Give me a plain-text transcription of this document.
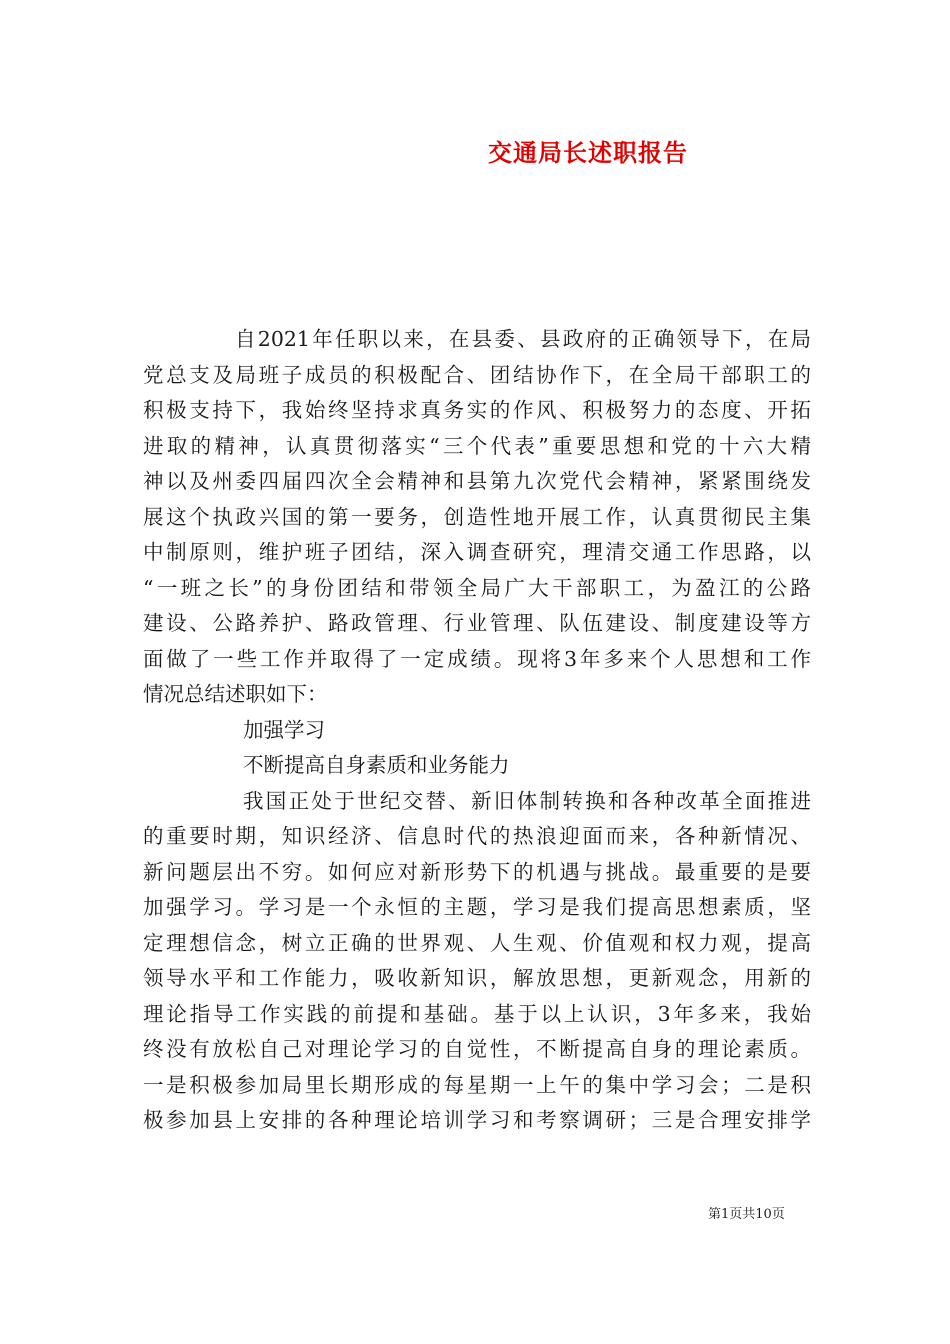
交通局长述职报告
自2021年任职以来，在县委、县政府的正确领导下，在局
党总支及局班子成员的积极配合、团结协作下，在全局干部职工的
积极支持下，我始终坚持求真务实的作风、积极努力的态度、开拓
进取的精神，认真贯彻落实“三个代表”重要思想和党的十六大精
神以及州委四届四次全会精神和县第九次党代会精神，紧紧围绕发
展这个执政兴国的第一要务，创造性地开展工作，认真贯彻民主集
中制原则，维护班子团结，深入调查研究，理清交通工作思路，以
“一班之长”的身份团结和带领全局广大干部职工，为盈江的公路
建设、公路养护、路政管理、行业管理、队伍建设、制度建设等方
面做了一些工作并取得了一定成绩。现将3年多来个人思想和工作
情况总结述职如下：
加强学习
不断提高自身素质和业务能力
我国正处于世纪交替、新旧体制转换和各种改革全面推进
的重要时期，知识经济、信息时代的热浪迎面而来，各种新情况、
新问题层出不穷。如何应对新形势下的机遇与挑战。最重要的是要
加强学习。学习是一个永恒的主题，学习是我们提高思想素质，坚
定理想信念，树立正确的世界观、人生观、价值观和权力观，提高
领导水平和工作能力，吸收新知识，解放思想，更新观念，用新的
理论指导工作实践的前提和基础。基于以上认识，3年多来，我始
终没有放松自己对理论学习的自觉性，不断提高自身的理论素质。
一是积极参加局里长期形成的每星期一上午的集中学习会；二是积
极参加县上安排的各种理论培训学习和考察调研；三是合理安排学
第1页共10页
